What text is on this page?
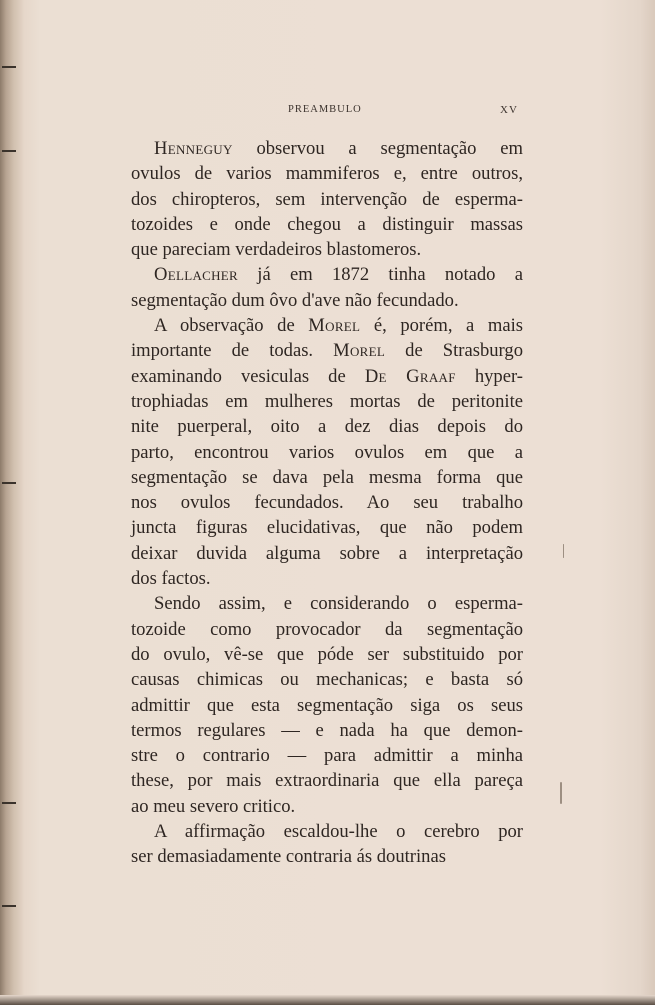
PREAMBULO	XV
Henneguy observou a segmentação em
ovulos de varios mammiferos e, entre outros,
dos chiropteros, sem intervenção de esperma-
tozoides e onde chegou a distinguir massas
que pareciam verdadeiros blastomeros.
Oellacher já em 1872 tinha notado a
segmentação dum ôvo d'ave não fecundado.
A observação de Morel é, porém, a mais
importante de todas. Morel de Strasburgo
examinando vesiculas de De Graaf hyper-
trophiadas em mulheres mortas de peritonite
nite puerperal, oito a dez dias depois do
parto, encontrou varios ovulos em que a
segmentação se dava pela mesma forma que
nos ovulos fecundados. Ao seu trabalho
juncta figuras elucidativas, que não podem
deixar duvida alguma sobre a interpretação
dos factos.
Sendo assim, e considerando o esperma-
tozoide como provocador da segmentação
do ovulo, vê-se que póde ser substituido por
causas chimicas ou mechanicas; e basta só
admittir que esta segmentação siga os seus
termos regulares — e nada ha que demon-
stre o contrario — para admittir a minha
these, por mais extraordinaria que ella pareça
ao meu severo critico.
A affirmação escaldou-lhe o cerebro por
ser demasiadamente contraria ás doutrinas
